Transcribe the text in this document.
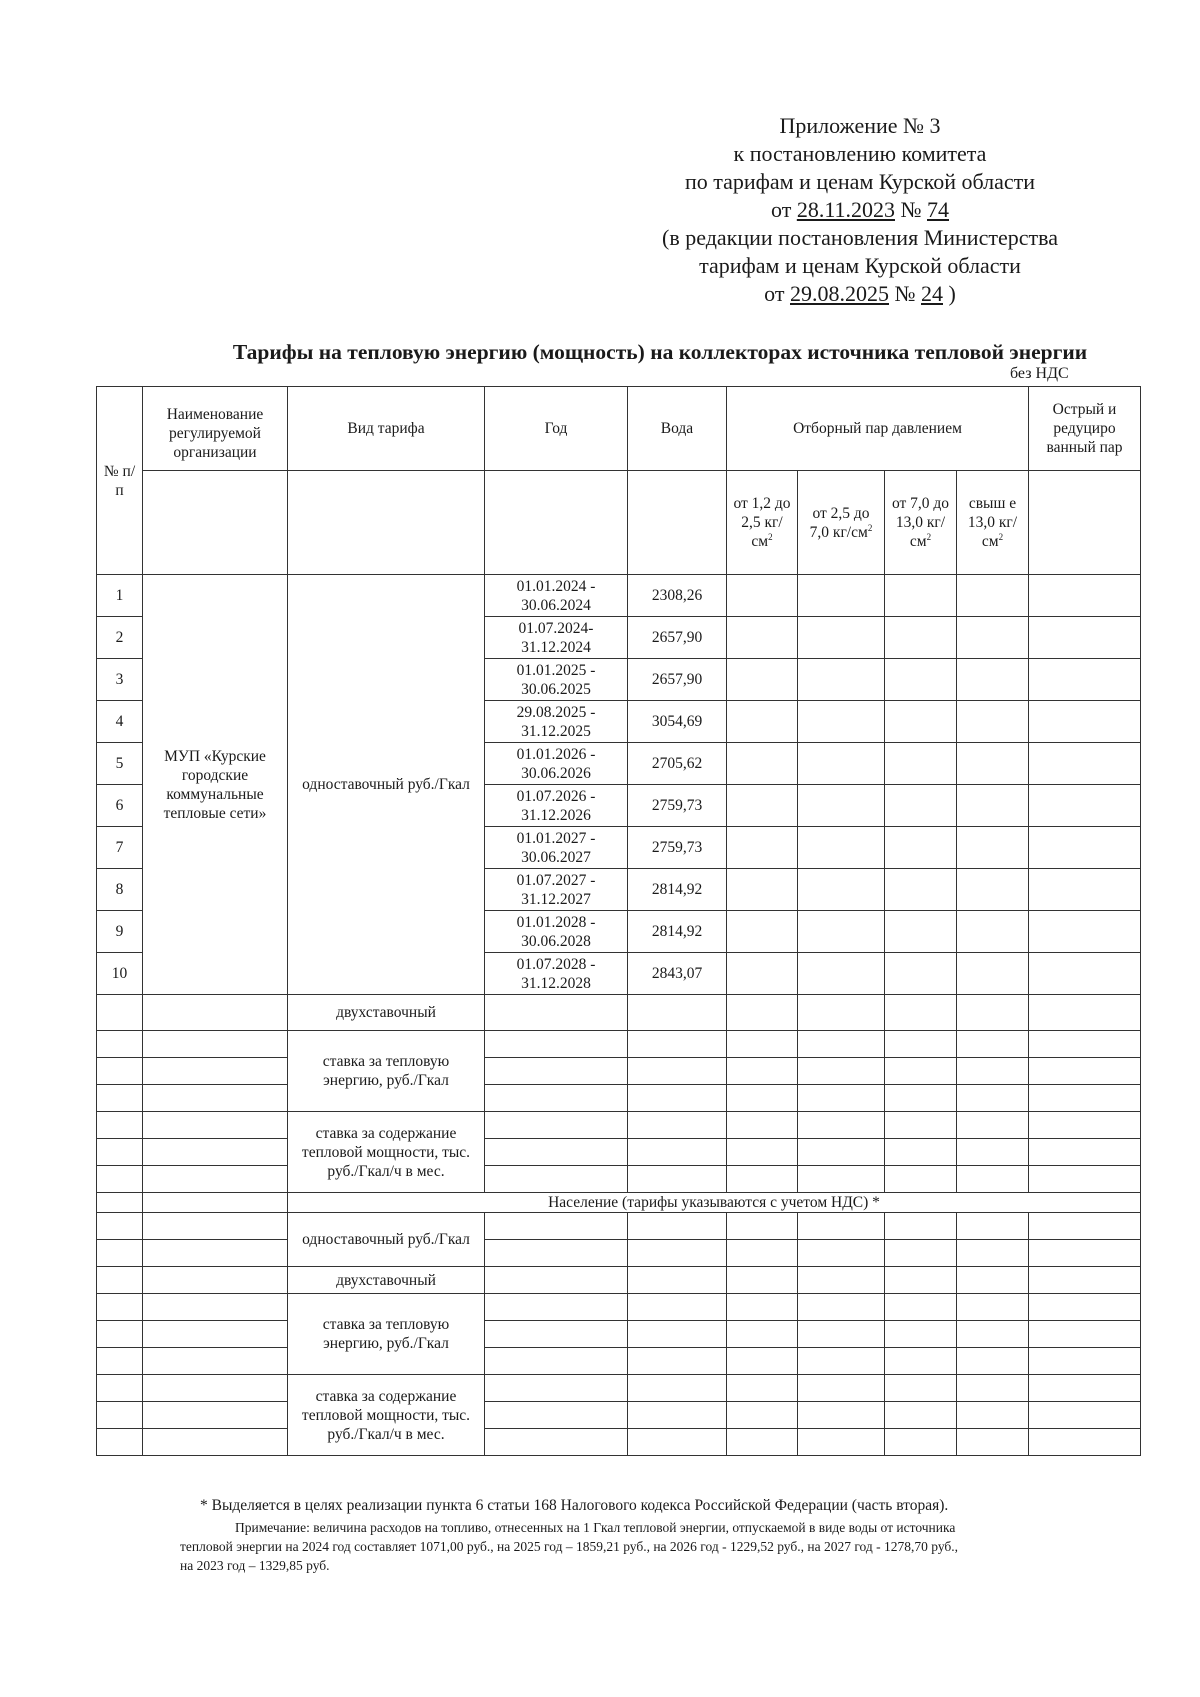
Приложение № 3
к постановлению комитета
по тарифам и ценам Курской области
от 28.11.2023 № 74
(в редакции постановления Министерства
тарифам и ценам Курской области
от 29.08.2025 № 24 )
Тарифы на тепловую энергию (мощность) на коллекторах источника тепловой энергии
без НДС
№ п/п	Наименование регулируемой организации	Вид тарифа	Год	Вода	Отборный пар давлением				Острый и редуциро ванный пар
					от 1,2 до 2,5 $кг/см^2$	от 2,5 до 7,0 $кг/см^2$	от 7,0 до 13,0 $кг/см^2$	свыш е 13,0 $кг/см^2$	
1	МУП «Курские городские коммунальные тепловые сети»	одноставочный руб./Гкал	01.01.2024 - 30.06.2024	2308,26					
2			01.07.2024- 31.12.2024	2657,90					
3			01.01.2025 - 30.06.2025	2657,90					
4			29.08.2025 - 31.12.2025	3054,69					
5			01.01.2026 - 30.06.2026	2705,62					
6			01.07.2026 - 31.12.2026	2759,73					
7			01.01.2027 - 30.06.2027	2759,73					
8			01.07.2027 - 31.12.2027	2814,92					
9			01.01.2028 - 30.06.2028	2814,92					
10			01.07.2028 - 31.12.2028	2843,07					
		двухставочный							
		ставка за тепловую энергию, руб./Гкал							

		ставка за содержание тепловой мощности, тыс. руб./Гкал/ч в мес.							

		Население (тарифы указываются с учетом НДС) *							
		одноставочный руб./Гкал							

		двухставочный							
		ставка за тепловую энергию, руб./Гкал							

		ставка за содержание тепловой мощности, тыс. руб./Гкал/ч в мес.							

* Выделяется в целях реализации пункта 6 статьи 168 Налогового кодекса Российской Федерации (часть вторая).
Примечание: величина расходов на топливо, отнесенных на 1 Гкал тепловой энергии, отпускаемой в виде воды от источника
тепловой энергии на 2024 год составляет 1071,00 руб., на 2025 год – 1859,21 руб., на 2026 год - 1229,52 руб., на 2027 год - 1278,70 руб.,
на 2023 год – 1329,85 руб.
